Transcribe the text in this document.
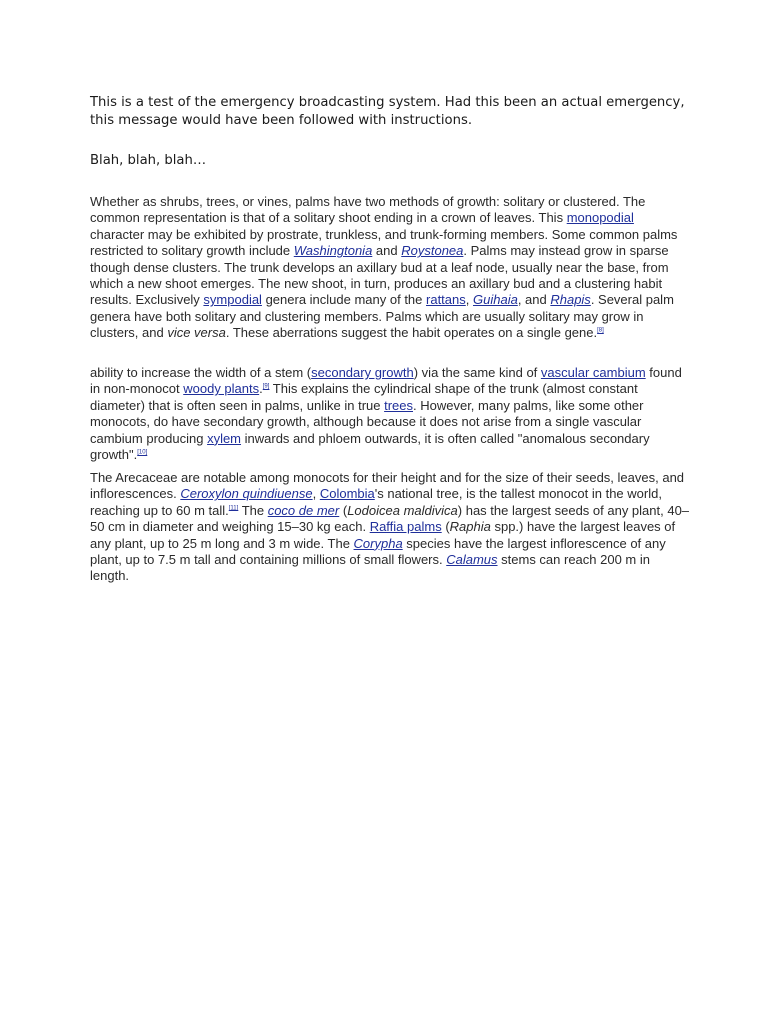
This is a test of the emergency broadcasting system. Had this been an actual emergency, this message would have been followed with instructions.

Blah, blah, blah…

Whether as shrubs, trees, or vines, palms have two methods of growth: solitary or clustered. The common representation is that of a solitary shoot ending in a crown of leaves. This monopodial character may be exhibited by prostrate, trunkless, and trunk-forming members. Some common palms restricted to solitary growth include Washingtonia and Roystonea. Palms may instead grow in sparse though dense clusters. The trunk develops an axillary bud at a leaf node, usually near the base, from which a new shoot emerges. The new shoot, in turn, produces an axillary bud and a clustering habit results. Exclusively sympodial genera include many of the rattans, Guihaia, and Rhapis. Several palm genera have both solitary and clustering members. Palms which are usually solitary may grow in clusters, and vice versa. These aberrations suggest the habit operates on a single gene.[8]

ability to increase the width of a stem (secondary growth) via the same kind of vascular cambium found in non-monocot woody plants.[9] This explains the cylindrical shape of the trunk (almost constant diameter) that is often seen in palms, unlike in true trees. However, many palms, like some other monocots, do have secondary growth, although because it does not arise from a single vascular cambium producing xylem inwards and phloem outwards, it is often called "anomalous secondary growth".[10]

The Arecaceae are notable among monocots for their height and for the size of their seeds, leaves, and inflorescences. Ceroxylon quindiuense, Colombia's national tree, is the tallest monocot in the world, reaching up to 60 m tall.[11] The coco de mer (Lodoicea maldivica) has the largest seeds of any plant, 40–50 cm in diameter and weighing 15–30 kg each. Raffia palms (Raphia spp.) have the largest leaves of any plant, up to 25 m long and 3 m wide. The Corypha species have the largest inflorescence of any plant, up to 7.5 m tall and containing millions of small flowers. Calamus stems can reach 200 m in length.
